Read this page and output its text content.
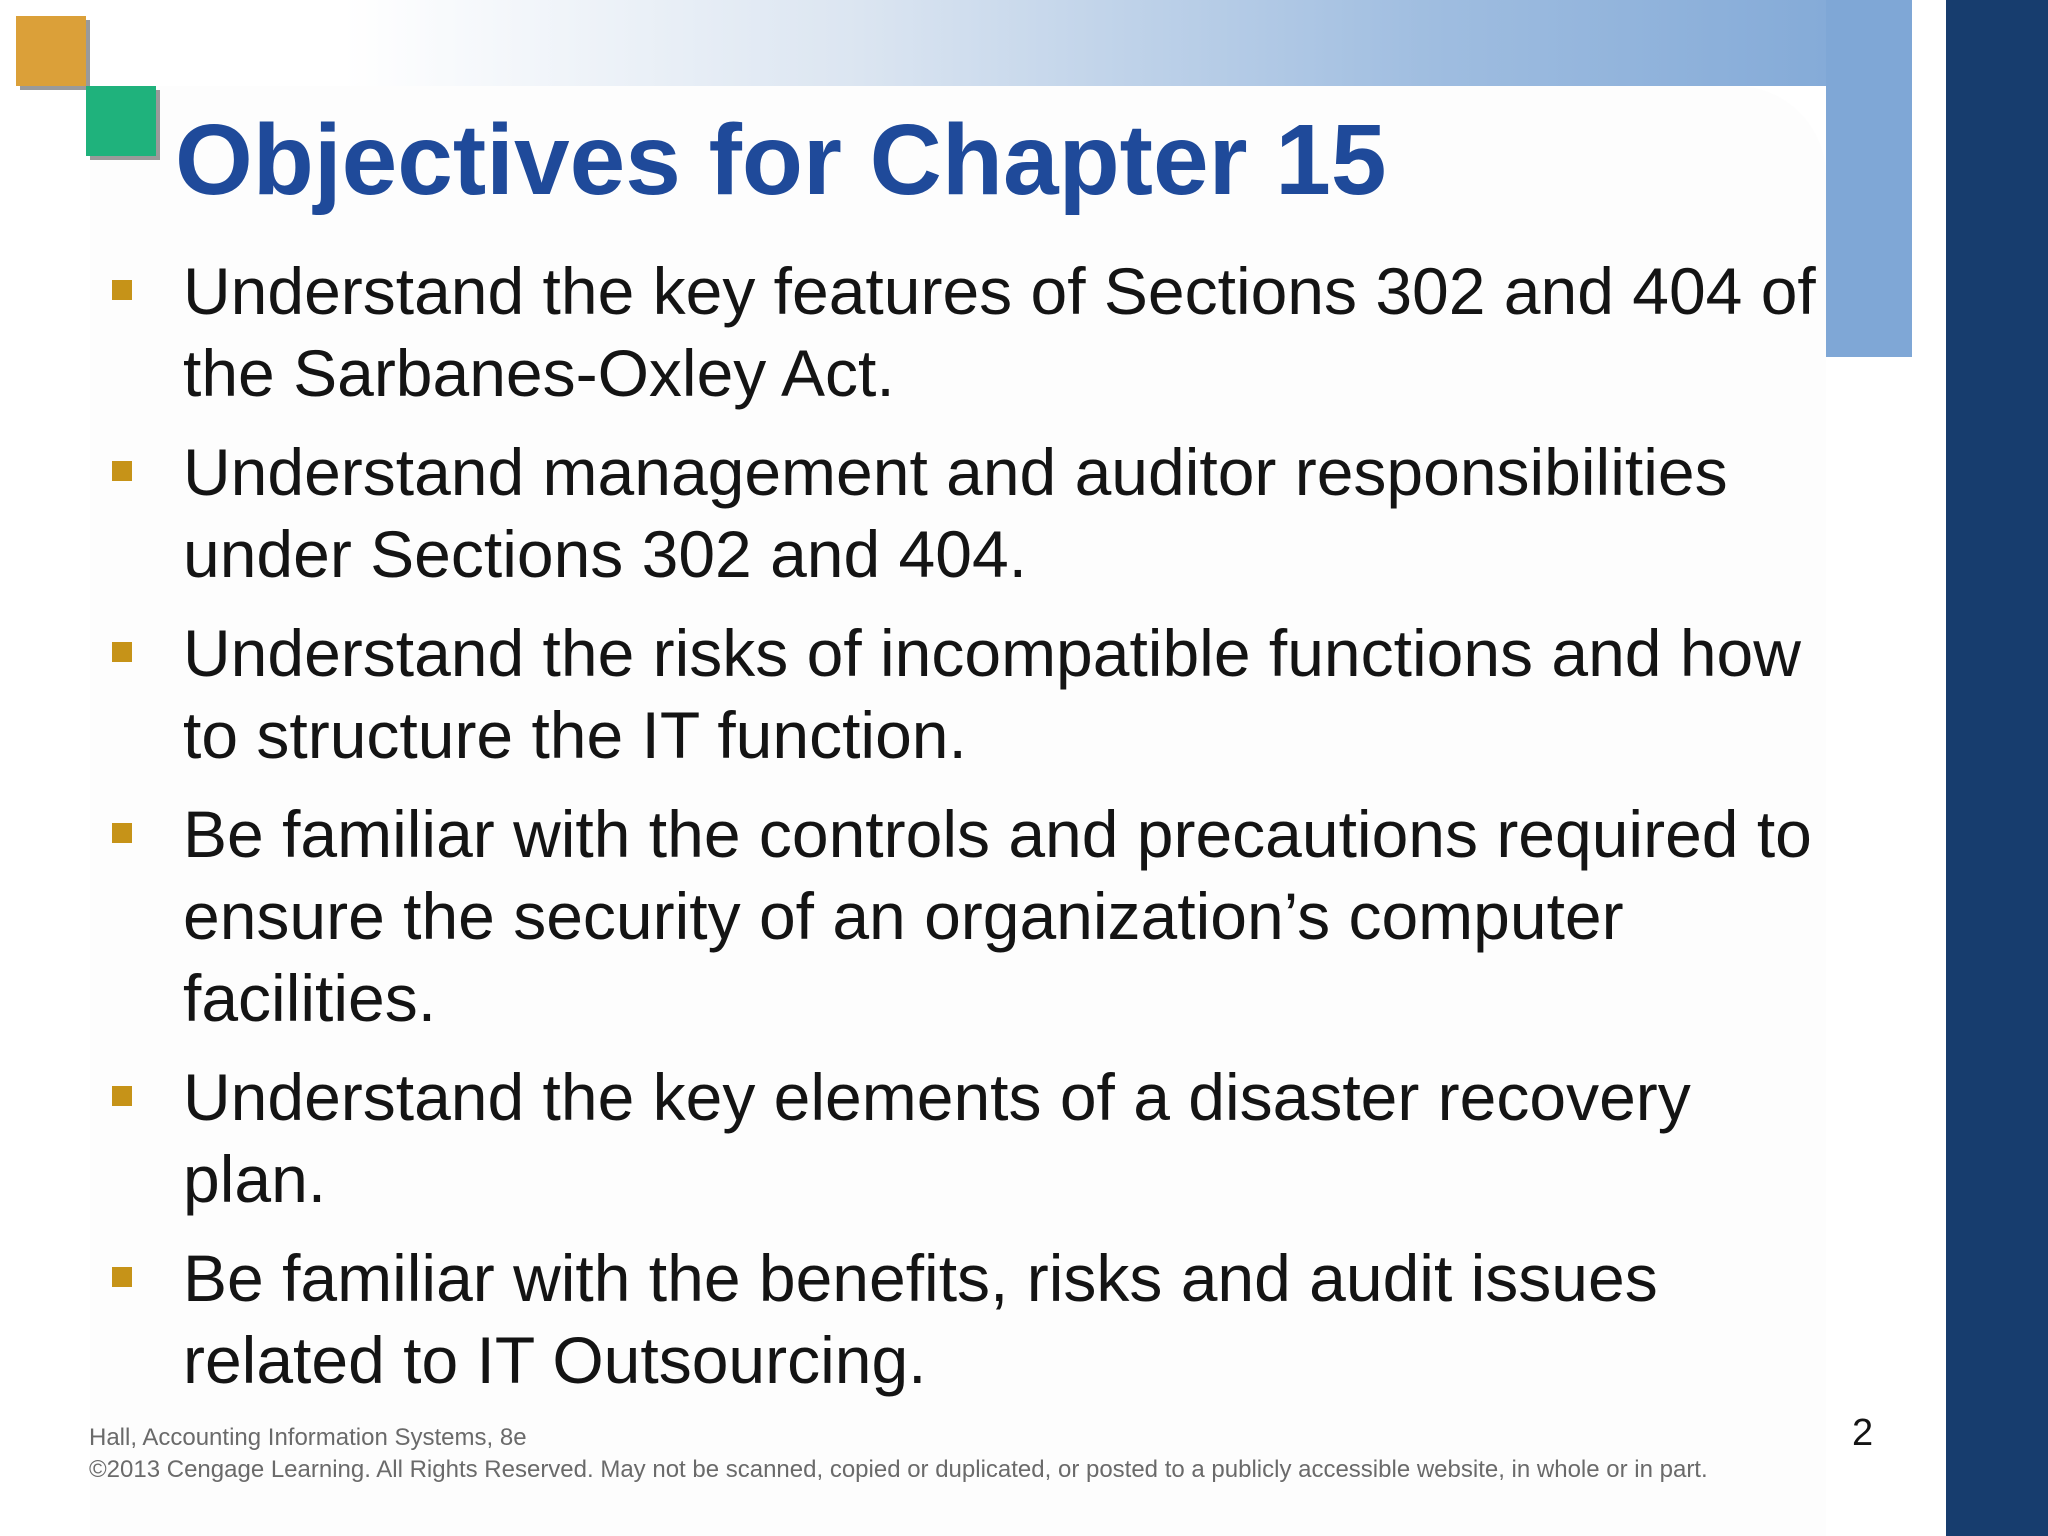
Objectives for Chapter 15
Understand the key features of Sections 302 and 404 of the Sarbanes-Oxley Act.
Understand management and auditor responsibilities under Sections 302 and 404.
Understand the risks of incompatible functions and how to structure the IT function.
Be familiar with the controls and precautions required to ensure the security of an organization’s computer facilities.
Understand the key elements of a disaster recovery plan.
Be familiar with the benefits, risks and audit issues related to IT Outsourcing.
Hall, Accounting Information Systems, 8e
©2013 Cengage Learning. All Rights Reserved. May not be scanned, copied or duplicated, or posted to a publicly accessible website, in whole or in part.
2
